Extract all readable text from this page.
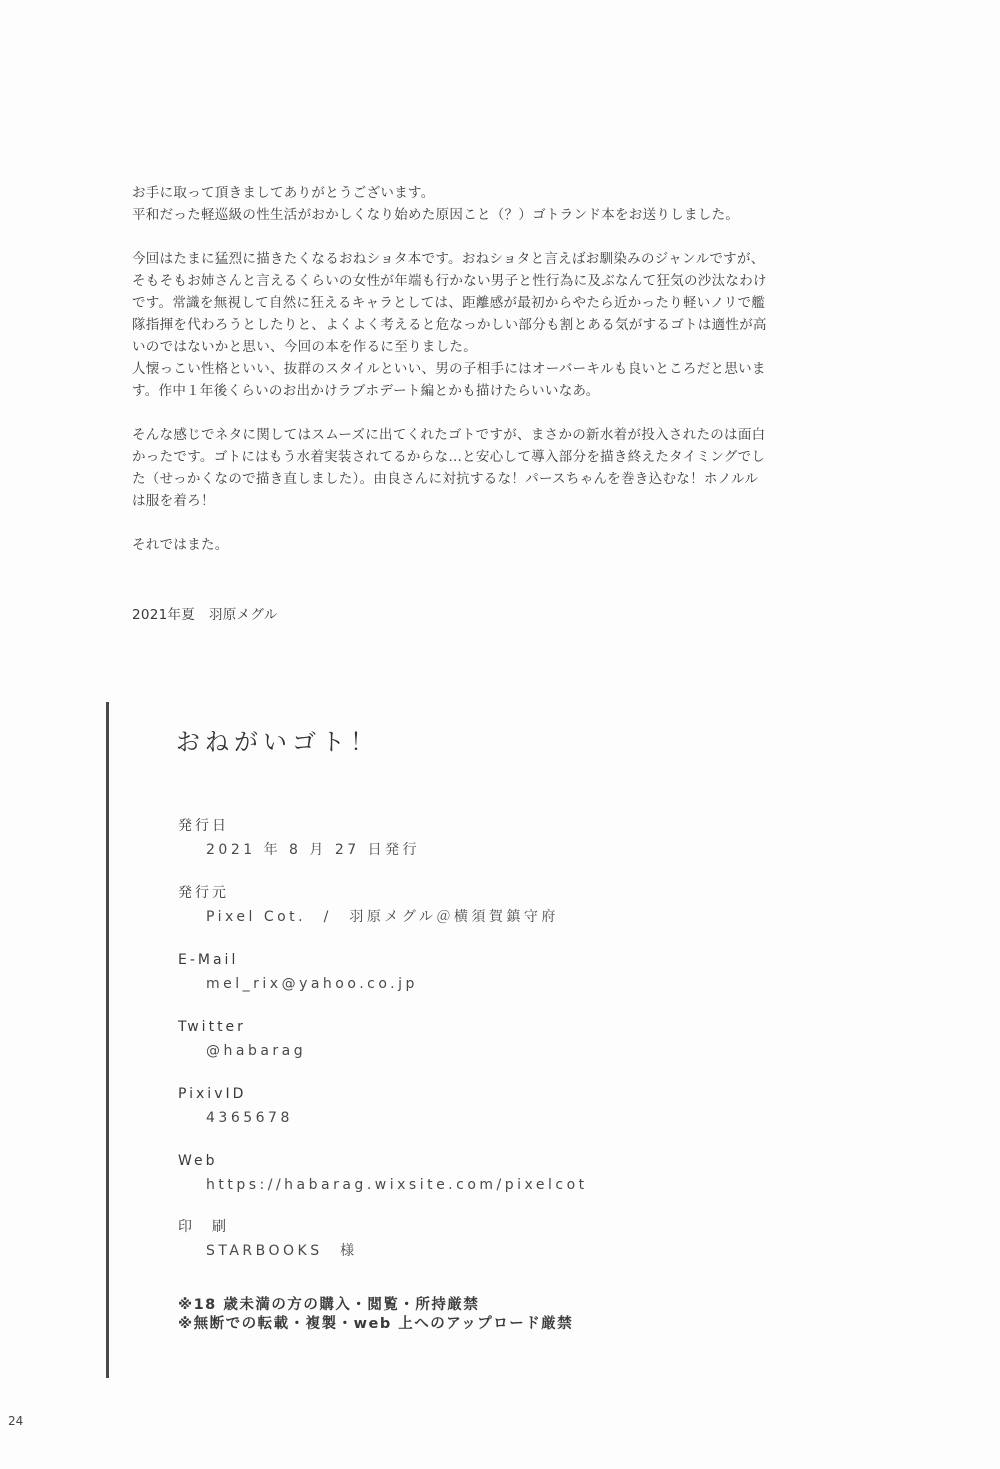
お手に取って頂きましてありがとうございます。
平和だった軽巡級の性生活がおかしくなり始めた原因こと（？）ゴトランド本をお送りしました。

今回はたまに猛烈に描きたくなるおねショタ本です。おねショタと言えばお馴染みのジャンルですが、
そもそもお姉さんと言えるくらいの女性が年端も行かない男子と性行為に及ぶなんて狂気の沙汰なわけ
です。常識を無視して自然に狂えるキャラとしては、距離感が最初からやたら近かったり軽いノリで艦
隊指揮を代わろうとしたりと、よくよく考えると危なっかしい部分も割とある気がするゴトは適性が高
いのではないかと思い、今回の本を作るに至りました。
人懐っこい性格といい、抜群のスタイルといい、男の子相手にはオーバーキルも良いところだと思いま
す。作中１年後くらいのお出かけラブホデート編とかも描けたらいいなあ。

そんな感じでネタに関してはスムーズに出てくれたゴトですが、まさかの新水着が投入されたのは面白
かったです。ゴトにはもう水着実装されてるからな…と安心して導入部分を描き終えたタイミングでし
た（せっかくなので描き直しました）。由良さんに対抗するな！パースちゃんを巻き込むな！ホノルル
は服を着ろ！

それではまた。

2021年夏　羽原メグル
おねがいゴト！
発行日
2021 年 8 月 27 日発行
発行元
Pixel Cot.　/　羽原メグル＠横須賀鎮守府
E-Mail
mel_rix@yahoo.co.jp
Twitter
@habarag
PixivID
4365678
Web
https://habarag.wixsite.com/pixelcot
印　刷
STARBOOKS　様
※18 歳未満の方の購入・閲覧・所持厳禁
※無断での転載・複製・web 上へのアップロード厳禁
24
